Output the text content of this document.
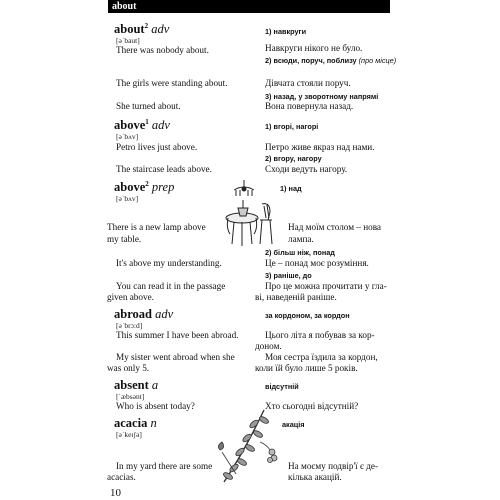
about
about$^2$ adv
[əˈbaut]
There was nobody about.
1) навкруги
Навкруги нікого не було.
2) всюди, поруч, поблизу (про місце)
The girls were standing about.	Дівчата стояли поруч.
3) назад, у зворотному напрямі
She turned about.	Вона повернула назад.
above$^1$ adv
[əˈbʌv]
1) вгорі, нагорі
Petro lives just above.	Петро живе якраз над нами.
2) вгору, нагору
The staircase leads above.	Сходи ведуть нагору.
above$^2$ prep
[əˈbʌv]
1) над
There is a new lamp above
my table.
Над моїм столом – нова
лампа.
2) більш ніж, понад
It's above my understanding.	Це – понад моє розуміння.
3) раніше, до
You can read it in the passage
given above.
Про це можна прочитати у гла-
ві, наведеній раніше.
abroad adv
[əˈbrɔ:d]
за кордоном, за кордон
This summer I have been abroad.	Цього літа я побував за кор-
доном.
My sister went abroad when she
was only 5.
Моя сестра їздила за кордон,
коли їй було лише 5 років.
absent a
[ˈæbsənt]
відсутній
Who is absent today?	Хто сьогодні відсутній?
acacia n
[əˈkeɪʃə]
акація
In my yard there are some
acacias.
На моєму подвір'ї є де-
кілька акацій.
10
